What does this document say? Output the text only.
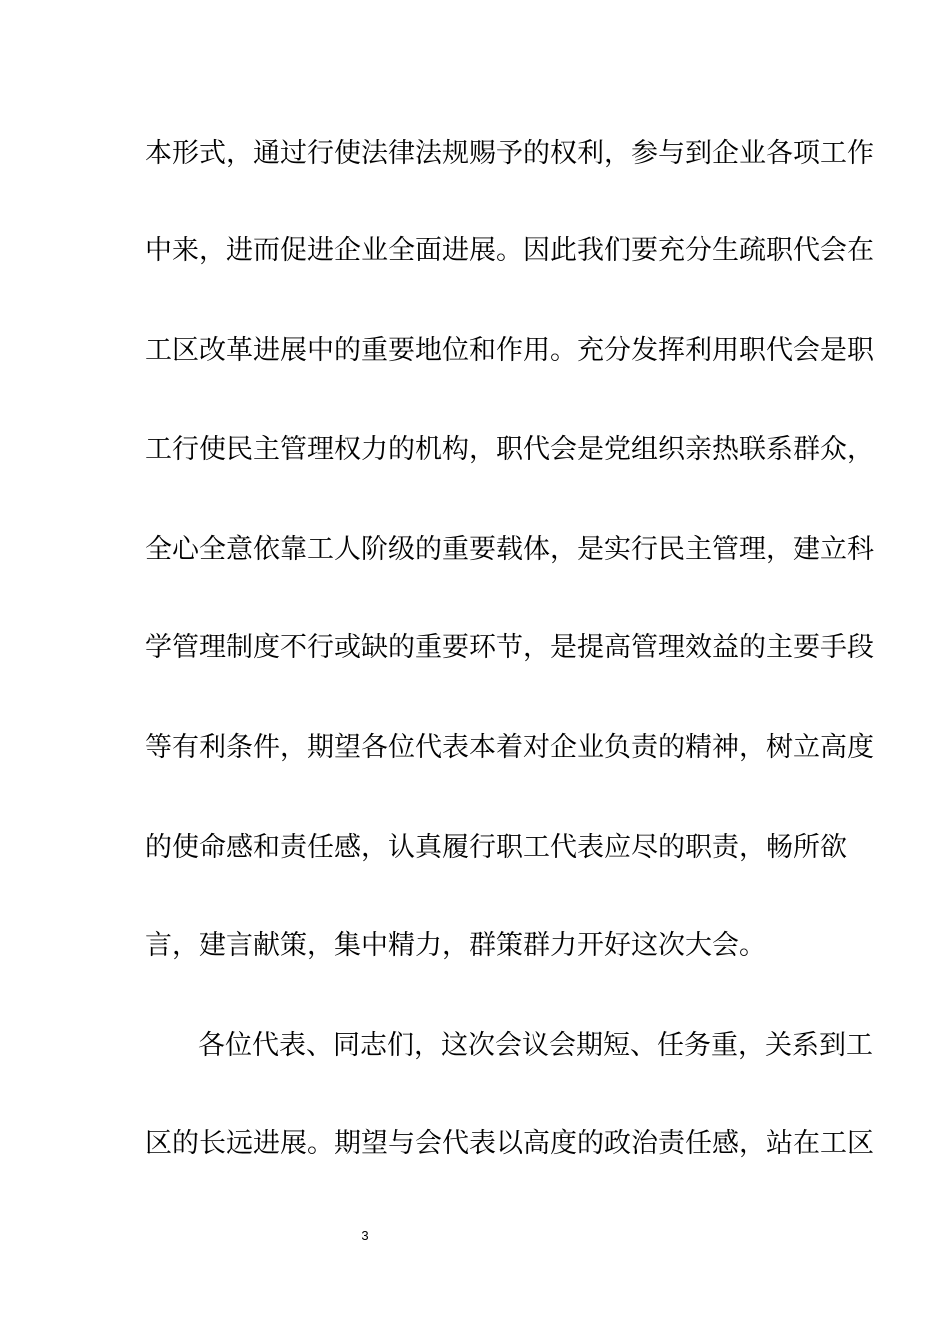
本形式，通过行使法律法规赐予的权利，参与到企业各项工作
中来，进而促进企业全面进展。因此我们要充分生疏职代会在
工区改革进展中的重要地位和作用。充分发挥利用职代会是职
工行使民主管理权力的机构，职代会是党组织亲热联系群众，
全心全意依靠工人阶级的重要载体，是实行民主管理，建立科
学管理制度不行或缺的重要环节，是提高管理效益的主要手段
等有利条件，期望各位代表本着对企业负责的精神，树立高度
的使命感和责任感，认真履行职工代表应尽的职责，畅所欲
言，建言献策，集中精力，群策群力开好这次大会。
各位代表、同志们，这次会议会期短、任务重，关系到工
区的长远进展。期望与会代表以高度的政治责任感，站在工区
3
